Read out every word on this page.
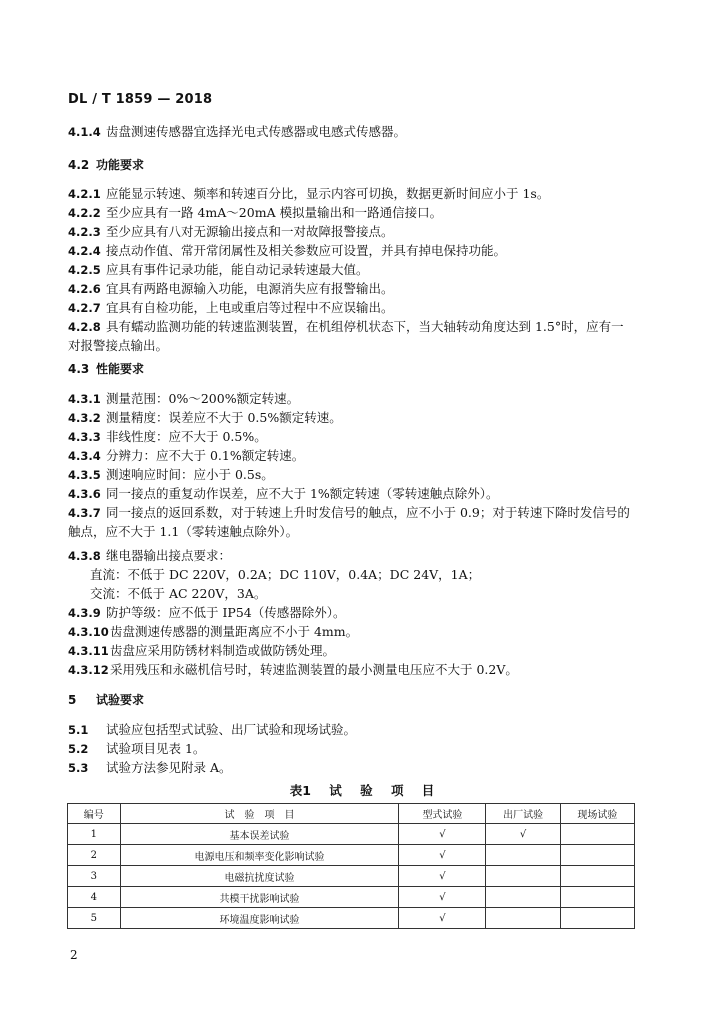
DL / T 1859 — 2018
4.1.4 齿盘测速传感器宜选择光电式传感器或电感式传感器。
4.2 功能要求
4.2.1 应能显示转速、频率和转速百分比，显示内容可切换，数据更新时间应小于 1s。
4.2.2 至少应具有一路 4mA～20mA 模拟量输出和一路通信接口。
4.2.3 至少应具有八对无源输出接点和一对故障报警接点。
4.2.4 接点动作值、常开常闭属性及相关参数应可设置，并具有掉电保持功能。
4.2.5 应具有事件记录功能，能自动记录转速最大值。
4.2.6 宜具有两路电源输入功能，电源消失应有报警输出。
4.2.7 宜具有自检功能，上电或重启等过程中不应误输出。
4.2.8 具有蠕动监测功能的转速监测装置，在机组停机状态下，当大轴转动角度达到 1.5°时，应有一
对报警接点输出。
4.3 性能要求
4.3.1 测量范围：0%～200%额定转速。
4.3.2 测量精度：误差应不大于 0.5%额定转速。
4.3.3 非线性度：应不大于 0.5%。
4.3.4 分辨力：应不大于 0.1%额定转速。
4.3.5 测速响应时间：应小于 0.5s。
4.3.6 同一接点的重复动作误差，应不大于 1%额定转速（零转速触点除外）。
4.3.7 同一接点的返回系数，对于转速上升时发信号的触点，应不小于 0.9；对于转速下降时发信号的
触点，应不大于 1.1（零转速触点除外）。
4.3.8 继电器输出接点要求：
直流：不低于 DC 220V，0.2A；DC 110V，0.4A；DC 24V，1A；
交流：不低于 AC 220V，3A。
4.3.9 防护等级：应不低于 IP54（传感器除外）。
4.3.10齿盘测速传感器的测量距离应不小于 4mm。
4.3.11齿盘应采用防锈材料制造或做防锈处理。
4.3.12采用残压和永磁机信号时，转速监测装置的最小测量电压应不大于 0.2V。
5 试验要求
5.1 试验应包括型式试验、出厂试验和现场试验。
5.2 试验项目见表 1。
5.3 试验方法参见附录 A。
表1 试 验 项 目
编号	试　验　项　目	型式试验	出厂试验	现场试验
1	基本误差试验	√	√	
2	电源电压和频率变化影响试验	√		
3	电磁抗扰度试验	√		
4	共模干扰影响试验	√		
5	环境温度影响试验	√		
2
